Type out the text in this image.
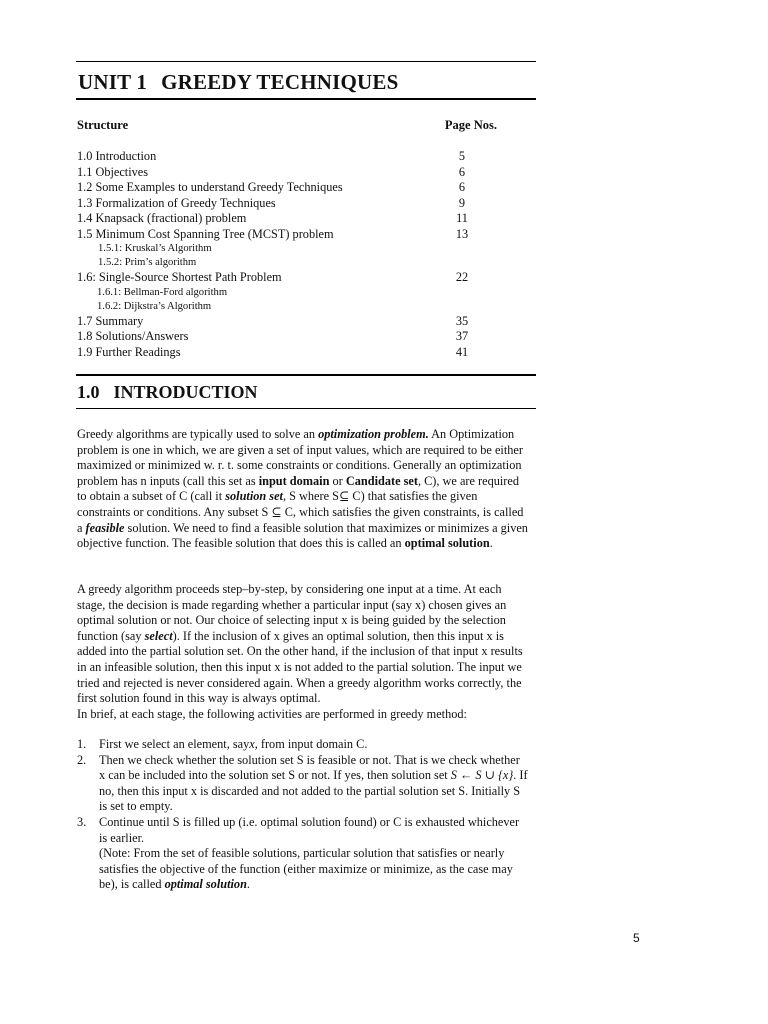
UNIT 1 GREEDY TECHNIQUES
Structure	Page Nos.
1.0 Introduction	5
1.1 Objectives	6
1.2 Some Examples to understand Greedy Techniques	6
1.3 Formalization of Greedy Techniques	9
1.4 Knapsack (fractional) problem	11
1.5 Minimum Cost Spanning Tree (MCST) problem	13
1.5.1: Kruskal’s Algorithm
1.5.2: Prim’s algorithm
1.6: Single-Source Shortest Path Problem	22
1.6.1: Bellman-Ford algorithm
1.6.2: Dijkstra’s Algorithm
1.7 Summary	35
1.8 Solutions/Answers	37
1.9 Further Readings	41
1.0 INTRODUCTION
Greedy algorithms are typically used to solve an optimization problem. An Optimization problem is one in which, we are given a set of input values, which are required to be either maximized or minimized w. r. t. some constraints or conditions. Generally an optimization problem has n inputs (call this set as input domain or Candidate set, C), we are required to obtain a subset of C (call it solution set, S where S⊆ C) that satisfies the given constraints or conditions. Any subset S ⊆ C, which satisfies the given constraints, is called a feasible solution. We need to find a feasible solution that maximizes or minimizes a given objective function. The feasible solution that does this is called an optimal solution.
A greedy algorithm proceeds step–by-step, by considering one input at a time. At each stage, the decision is made regarding whether a particular input (say x) chosen gives an optimal solution or not. Our choice of selecting input x is being guided by the selection function (say select). If the inclusion of x gives an optimal solution, then this input x is added into the partial solution set. On the other hand, if the inclusion of that input x results in an infeasible solution, then this input x is not added to the partial solution. The input we tried and rejected is never considered again. When a greedy algorithm works correctly, the first solution found in this way is always optimal.
In brief, at each stage, the following activities are performed in greedy method:
1. First we select an element, sayx, from input domain C.
2. Then we check whether the solution set S is feasible or not. That is we check whether x can be included into the solution set S or not. If yes, then solution set S ← S ∪ {x}. If no, then this input x is discarded and not added to the partial solution set S. Initially S is set to empty.
3. Continue until S is filled up (i.e. optimal solution found) or C is exhausted whichever is earlier.
(Note: From the set of feasible solutions, particular solution that satisfies or nearly satisfies the objective of the function (either maximize or minimize, as the case may be), is called optimal solution.
5
